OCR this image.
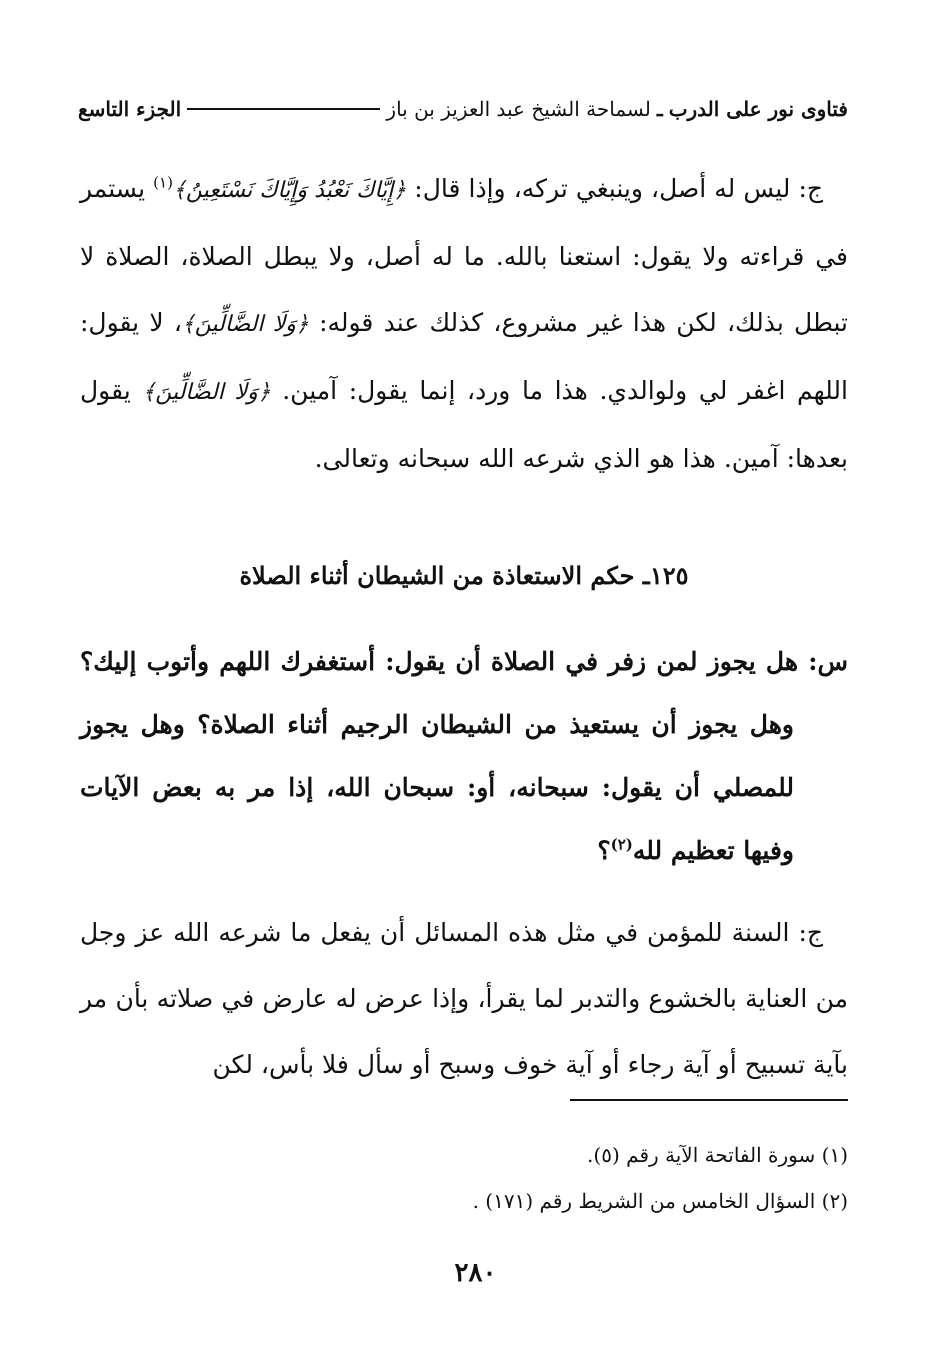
فتاوى نور على الدرب
ـ
لسماحة الشيخ عبد العزيز بن باز
الجزء التاسع

ج: ليس له أصل، وينبغي تركه، وإذا قال: ﴿إِيَّاكَ نَعْبُدُ وَإِيَّاكَ نَسْتَعِينُ﴾$^{(١)}$ يستمر في قراءته ولا يقول: استعنا بالله. ما له أصل، ولا يبطل الصلاة، الصلاة لا تبطل بذلك، لكن هذا غير مشروع، كذلك عند قوله: ﴿وَلَا الضَّالِّينَ﴾، لا يقول: اللهم اغفر لي ولوالدي. هذا ما ورد، إنما يقول: آمين. ﴿وَلَا الضَّالِّينَ﴾ يقول بعدها: آمين. هذا هو الذي شرعه الله سبحانه وتعالى.

١٢٥ـ حكم الاستعاذة من الشيطان أثناء الصلاة
س: هل يجوز لمن زفر في الصلاة أن يقول: أستغفرك اللهم وأتوب إليك؟ وهل يجوز أن يستعيذ من الشيطان الرجيم أثناء الصلاة؟ وهل يجوز للمصلي أن يقول: سبحانه، أو: سبحان الله، إذا مر به بعض الآيات وفيها تعظيم لله$^{(٢)}$؟

ج: السنة للمؤمن في مثل هذه المسائل أن يفعل ما شرعه الله عز وجل من العناية بالخشوع والتدبر لما يقرأ، وإذا عرض له عارض في صلاته بأن مر بآية تسبيح أو آية رجاء أو آية خوف وسبح أو سأل فلا بأس، لكن

(١) سورة الفاتحة الآية رقم (٥).

(٢) السؤال الخامس من الشريط رقم (١٧١) .

٢٨٠
